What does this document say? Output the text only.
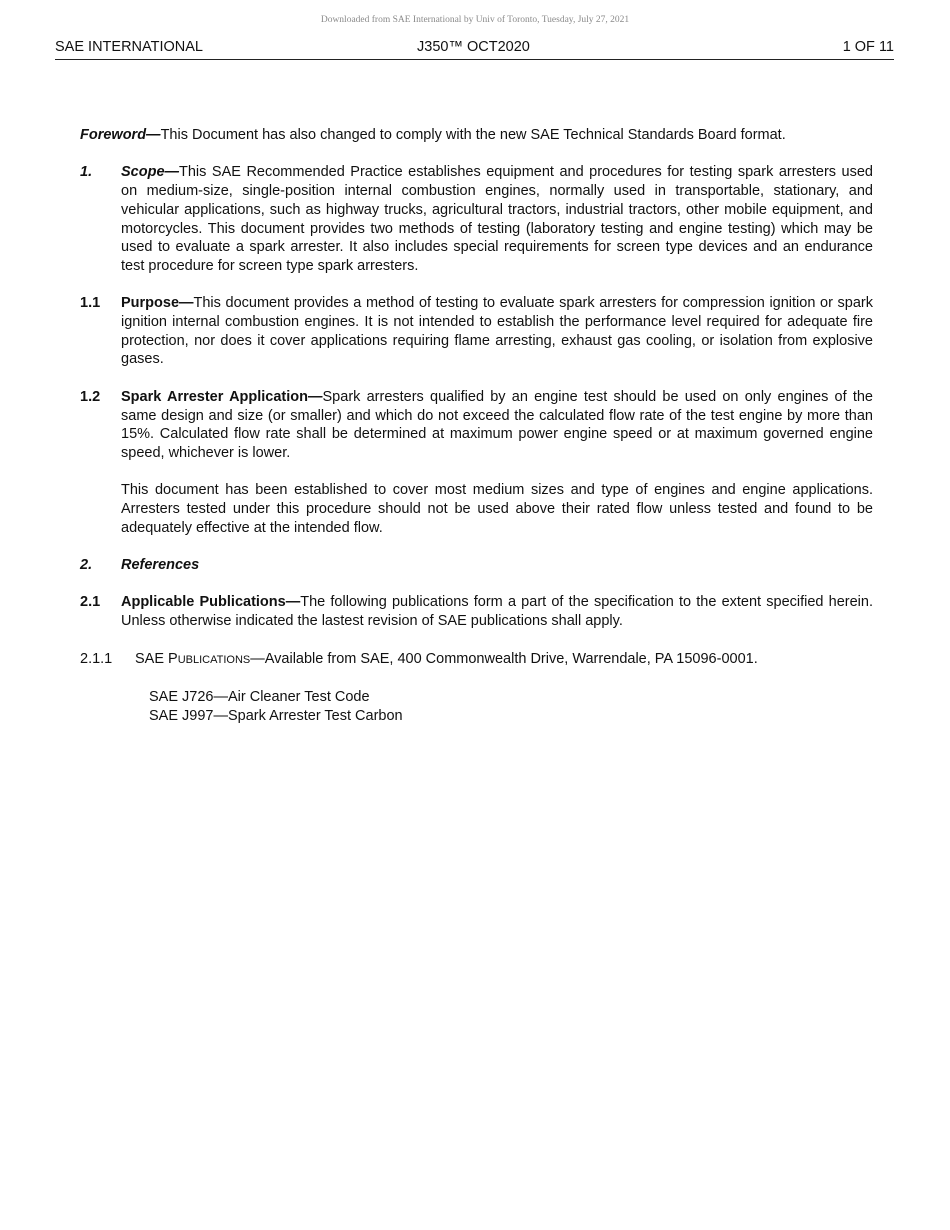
Downloaded from SAE International by Univ of Toronto, Tuesday, July 27, 2021
SAE INTERNATIONAL	J350™ OCT2020	1 OF 11

Foreword—This Document has also changed to comply with the new SAE Technical Standards Board format.

1.	Scope—This SAE Recommended Practice establishes equipment and procedures for testing spark arresters used on medium-size, single-position internal combustion engines, normally used in transportable, stationary, and vehicular applications, such as highway trucks, agricultural tractors, industrial tractors, other mobile equipment, and motorcycles. This document provides two methods of testing (laboratory testing and engine testing) which may be used to evaluate a spark arrester. It also includes special requirements for screen type devices and an endurance test procedure for screen type spark arresters.
1.1	Purpose—This document provides a method of testing to evaluate spark arresters for compression ignition or spark ignition internal combustion engines. It is not intended to establish the performance level required for adequate fire protection, nor does it cover applications requiring flame arresting, exhaust gas cooling, or isolation from explosive gases.
1.2	Spark Arrester Application—Spark arresters qualified by an engine test should be used on only engines of the same design and size (or smaller) and which do not exceed the calculated flow rate of the test engine by more than 15%. Calculated flow rate shall be determined at maximum power engine speed or at maximum governed engine speed, whichever is lower.

This document has been established to cover most medium sizes and type of engines and engine applications. Arresters tested under this procedure should not be used above their rated flow unless tested and found to be adequately effective at the intended flow.

2.	References
2.1	Applicable Publications—The following publications form a part of the specification to the extent specified herein. Unless otherwise indicated the lastest revision of SAE publications shall apply.
2.1.1	SAE PUBLICATIONS—Available from SAE, 400 Commonwealth Drive, Warrendale, PA 15096-0001.
SAE J726—Air Cleaner Test Code
SAE J997—Spark Arrester Test Carbon
